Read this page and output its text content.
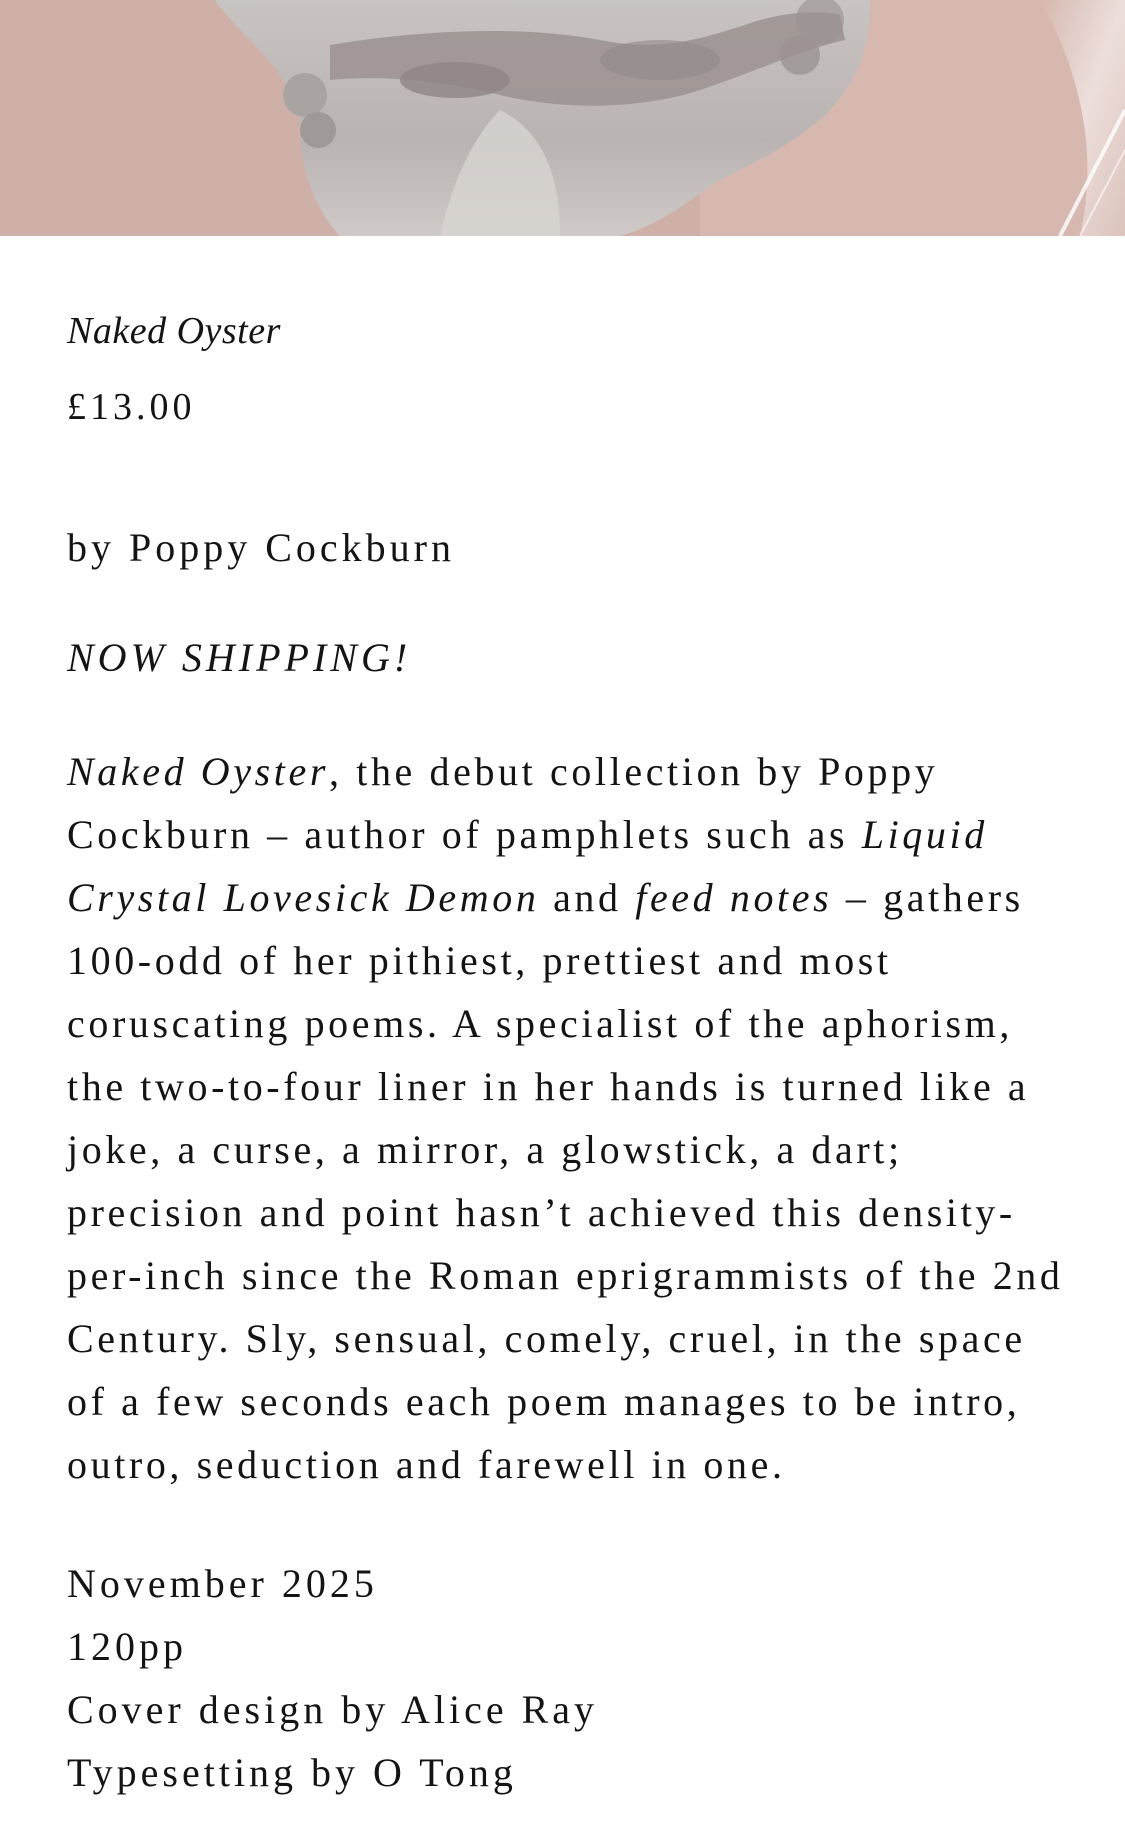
Naked Oyster

£13.00

by Poppy Cockburn

NOW SHIPPING!

Naked Oyster, the debut collection by Poppy Cockburn – author of pamphlets such as Liquid Crystal Lovesick Demon and feed notes – gathers 100-odd of her pithiest, prettiest and most coruscating poems. A specialist of the aphorism, the two-to-four liner in her hands is turned like a joke, a curse, a mirror, a glowstick, a dart; precision and point hasn’t achieved this density-per-inch since the Roman eprigrammists of the 2nd Century. Sly, sensual, comely, cruel, in the space of a few seconds each poem manages to be intro, outro, seduction and farewell in one.

November 2025
120pp
Cover design by Alice Ray
Typesetting by O Tong
